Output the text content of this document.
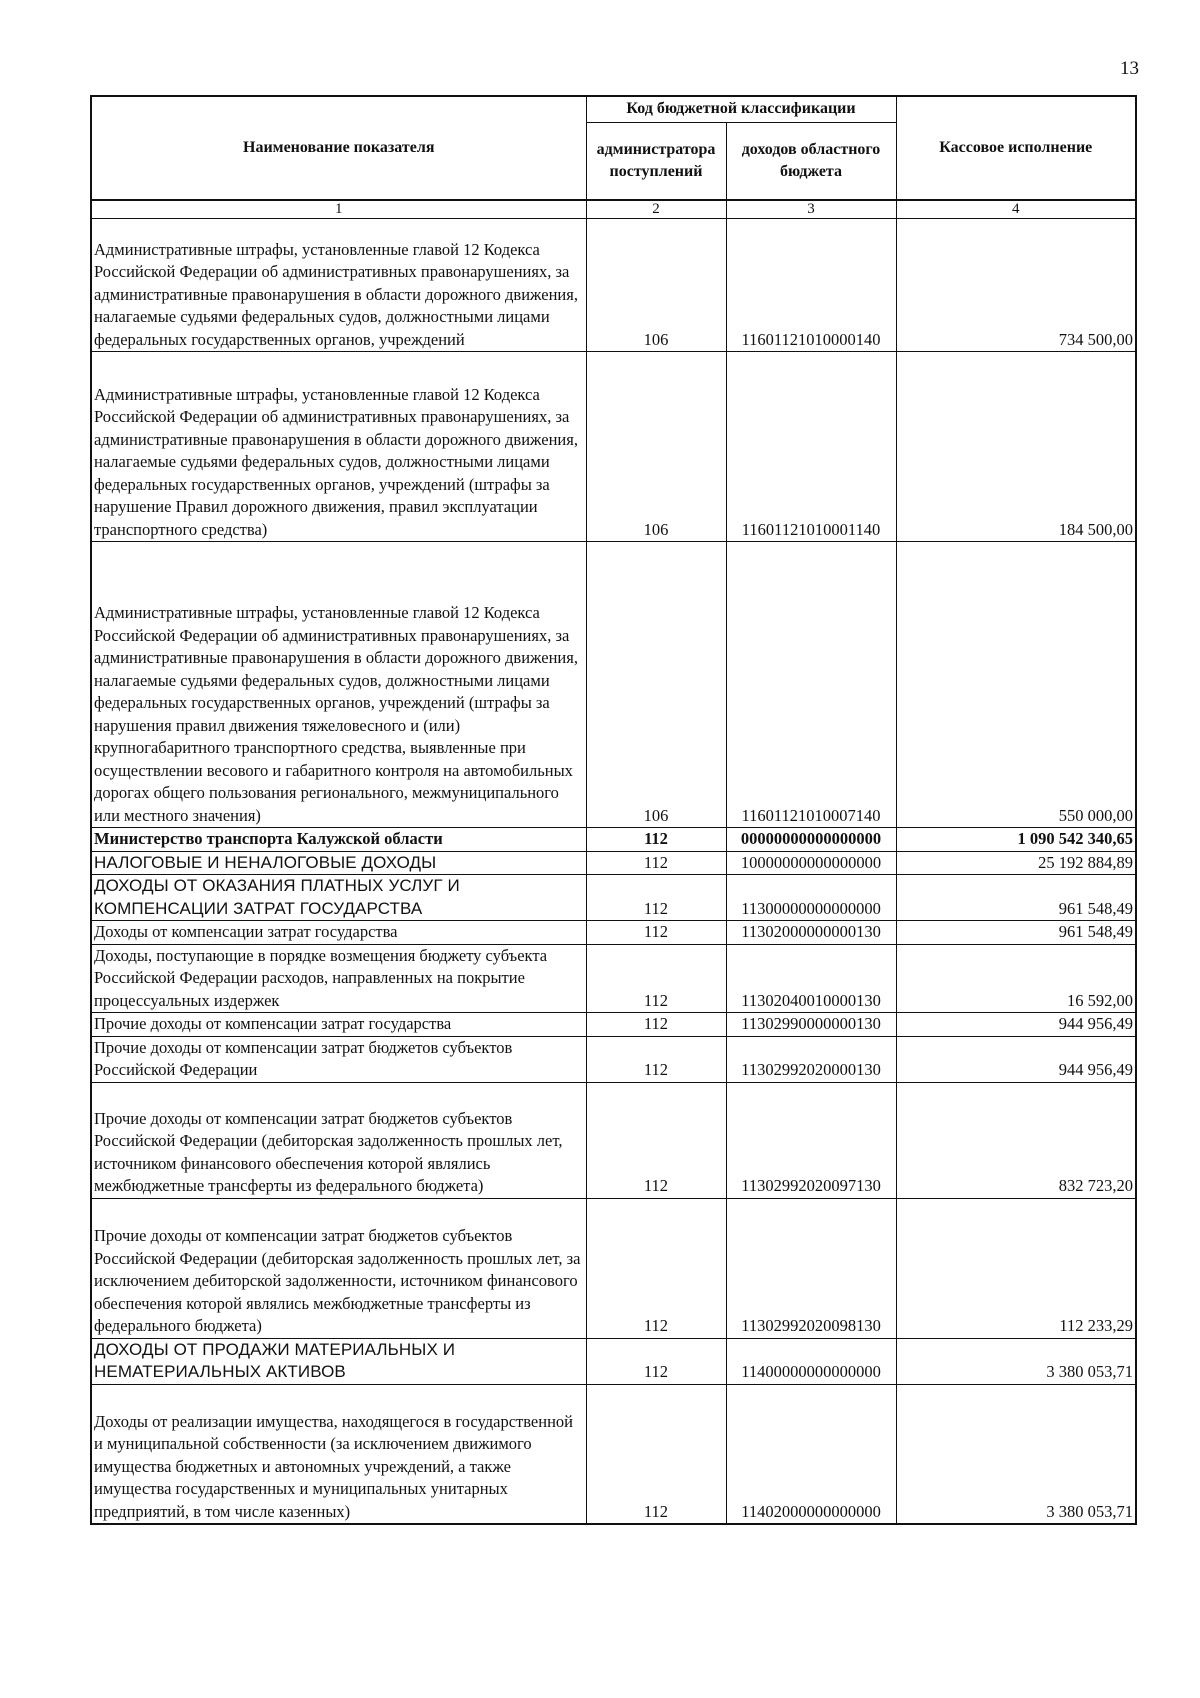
13
Наименование показателя	Код бюджетной классификации		Кассовое исполнение
	администратора поступлений	доходов областного бюджета	
1	2	3	4
Административные штрафы, установленные главой 12 Кодекса Российской Федерации об административных правонарушениях, за административные правонарушения в области дорожного движения, налагаемые судьями федеральных судов, должностными лицами федеральных государственных органов, учреждений	106	11601121010000140	734 500,00
Административные штрафы, установленные главой 12 Кодекса Российской Федерации об административных правонарушениях, за административные правонарушения в области дорожного движения, налагаемые судьями федеральных судов, должностными лицами федеральных государственных органов, учреждений (штрафы за нарушение Правил дорожного движения, правил эксплуатации транспортного средства)	106	11601121010001140	184 500,00
Административные штрафы, установленные главой 12 Кодекса Российской Федерации об административных правонарушениях, за административные правонарушения в области дорожного движения, налагаемые судьями федеральных судов, должностными лицами федеральных государственных органов, учреждений (штрафы за нарушения правил движения тяжеловесного и (или) крупногабаритного транспортного средства, выявленные при осуществлении весового и габаритного контроля на автомобильных дорогах общего пользования регионального, межмуниципального или местного значения)	106	11601121010007140	550 000,00
Министерство транспорта Калужской области	112	00000000000000000	1 090 542 340,65
НАЛОГОВЫЕ И НЕНАЛОГОВЫЕ ДОХОДЫ	112	10000000000000000	25 192 884,89
ДОХОДЫ ОТ ОКАЗАНИЯ ПЛАТНЫХ УСЛУГ И КОМПЕНСАЦИИ ЗАТРАТ ГОСУДАРСТВА	112	11300000000000000	961 548,49
Доходы от компенсации затрат государства	112	11302000000000130	961 548,49
Доходы, поступающие в порядке возмещения бюджету субъекта Российской Федерации расходов, направленных на покрытие процессуальных издержек	112	11302040010000130	16 592,00
Прочие доходы от компенсации затрат государства	112	11302990000000130	944 956,49
Прочие доходы от компенсации затрат бюджетов субъектов Российской Федерации	112	11302992020000130	944 956,49
Прочие доходы от компенсации затрат бюджетов субъектов Российской Федерации (дебиторская задолженность прошлых лет, источником финансового обеспечения которой являлись межбюджетные трансферты из федерального бюджета)	112	11302992020097130	832 723,20
Прочие доходы от компенсации затрат бюджетов субъектов Российской Федерации (дебиторская задолженность прошлых лет, за исключением дебиторской задолженности, источником финансового обеспечения которой являлись межбюджетные трансферты из федерального бюджета)	112	11302992020098130	112 233,29
ДОХОДЫ ОТ ПРОДАЖИ МАТЕРИАЛЬНЫХ И НЕМАТЕРИАЛЬНЫХ АКТИВОВ	112	11400000000000000	3 380 053,71
Доходы от реализации имущества, находящегося в государственной и муниципальной собственности (за исключением движимого имущества бюджетных и автономных учреждений, а также имущества государственных и муниципальных унитарных предприятий, в том числе казенных)	112	11402000000000000	3 380 053,71
